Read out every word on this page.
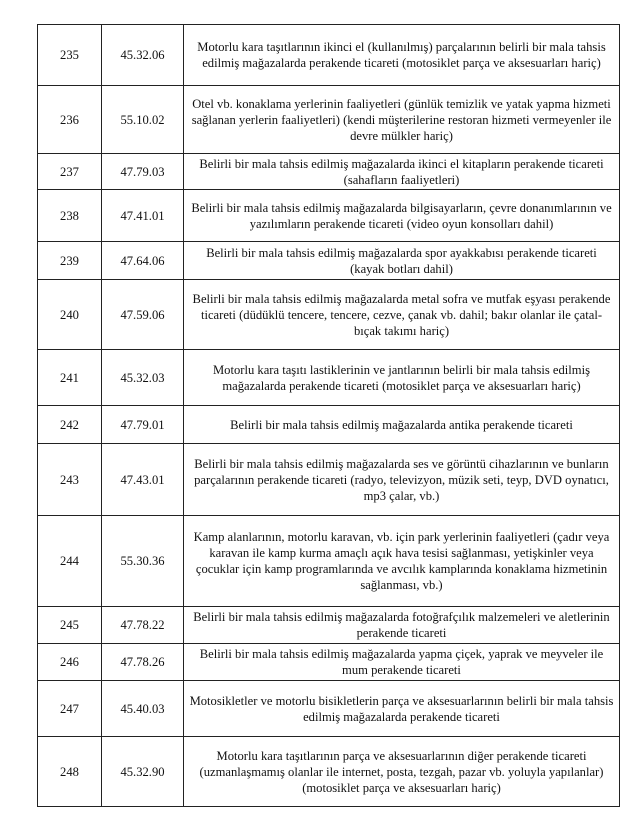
235	45.32.06	Motorlu kara taşıtlarının ikinci el (kullanılmış) parçalarının belirli bir mala tahsis edilmiş mağazalarda perakende ticareti (motosiklet parça ve aksesuarları hariç)
236	55.10.02	Otel vb. konaklama yerlerinin faaliyetleri (günlük temizlik ve yatak yapma hizmeti sağlanan yerlerin faaliyetleri) (kendi müşterilerine restoran hizmeti vermeyenler ile devre mülkler hariç)
237	47.79.03	Belirli bir mala tahsis edilmiş mağazalarda ikinci el kitapların perakende ticareti (sahafların faaliyetleri)
238	47.41.01	Belirli bir mala tahsis edilmiş mağazalarda bilgisayarların, çevre donanımlarının ve yazılımların perakende ticareti (video oyun konsolları dahil)
239	47.64.06	Belirli bir mala tahsis edilmiş mağazalarda spor ayakkabısı perakende ticareti (kayak botları dahil)
240	47.59.06	Belirli bir mala tahsis edilmiş mağazalarda metal sofra ve mutfak eşyası perakende ticareti (düdüklü tencere, tencere, cezve, çanak vb. dahil; bakır olanlar ile çatal-bıçak takımı hariç)
241	45.32.03	Motorlu kara taşıtı lastiklerinin ve jantlarının belirli bir mala tahsis edilmiş mağazalarda perakende ticareti (motosiklet parça ve aksesuarları hariç)
242	47.79.01	Belirli bir mala tahsis edilmiş mağazalarda antika perakende ticareti
243	47.43.01	Belirli bir mala tahsis edilmiş mağazalarda ses ve görüntü cihazlarının ve bunların parçalarının perakende ticareti (radyo, televizyon, müzik seti, teyp, DVD oynatıcı, mp3 çalar, vb.)
244	55.30.36	Kamp alanlarının, motorlu karavan, vb. için park yerlerinin faaliyetleri (çadır veya karavan ile kamp kurma amaçlı açık hava tesisi sağlanması, yetişkinler veya çocuklar için kamp programlarında ve avcılık kamplarında konaklama hizmetinin sağlanması, vb.)
245	47.78.22	Belirli bir mala tahsis edilmiş mağazalarda fotoğrafçılık malzemeleri ve aletlerinin perakende ticareti
246	47.78.26	Belirli bir mala tahsis edilmiş mağazalarda yapma çiçek, yaprak ve meyveler ile mum perakende ticareti
247	45.40.03	Motosikletler ve motorlu bisikletlerin parça ve aksesuarlarının belirli bir mala tahsis edilmiş mağazalarda perakende ticareti
248	45.32.90	Motorlu kara taşıtlarının parça ve aksesuarlarının diğer perakende ticareti (uzmanlaşmamış olanlar ile internet, posta, tezgah, pazar vb. yoluyla yapılanlar) (motosiklet parça ve aksesuarları hariç)
